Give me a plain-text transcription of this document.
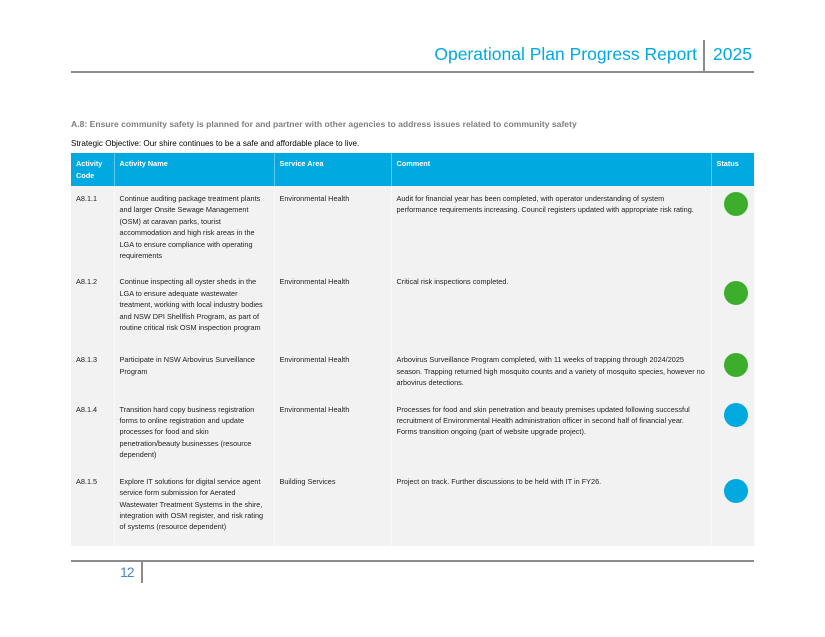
Operational Plan Progress Report 2025
A.8: Ensure community safety is planned for and partner with other agencies to address issues related to community safety
Strategic Objective: Our shire continues to be a safe and affordable place to live.
Activity Code	Activity Name	Service Area	Comment	Status
A8.1.1	Continue auditing package treatment plants and larger Onsite Sewage Management (OSM) at caravan parks, tourist accommodation and high risk areas in the LGA to ensure compliance with operating requirements	Environmental Health	Audit for financial year has been completed, with operator understanding of system performance requirements increasing. Council registers updated with appropriate risk rating.	

A8.1.2	Continue inspecting all oyster sheds in the LGA to ensure adequate wastewater treatment, working with local industry bodies and NSW DPI Shellfish Program, as part of routine critical risk OSM inspection program	Environmental Health	Critical risk inspections completed.	

A8.1.3	Participate in NSW Arbovirus Surveillance Program	Environmental Health	Arbovirus Surveillance Program completed, with 11 weeks of trapping through 2024/2025 season. Trapping returned high mosquito counts and a variety of mosquito species, however no arbovirus detections.	

A8.1.4	Transition hard copy business registration forms to online registration and update processes for food and skin penetration/beauty businesses (resource dependent)	Environmental Health	Processes for food and skin penetration and beauty premises updated following successful recruitment of Environmental Health administration officer in second half of financial year. Forms transition ongoing (part of website upgrade project).	

A8.1.5	Explore IT solutions for digital service agent service form submission for Aerated Wastewater Treatment Systems in the shire, integration with OSM register, and risk rating of systems (resource dependent)	Building Services	Project on track. Further discussions to be held with IT in FY26.	
12
